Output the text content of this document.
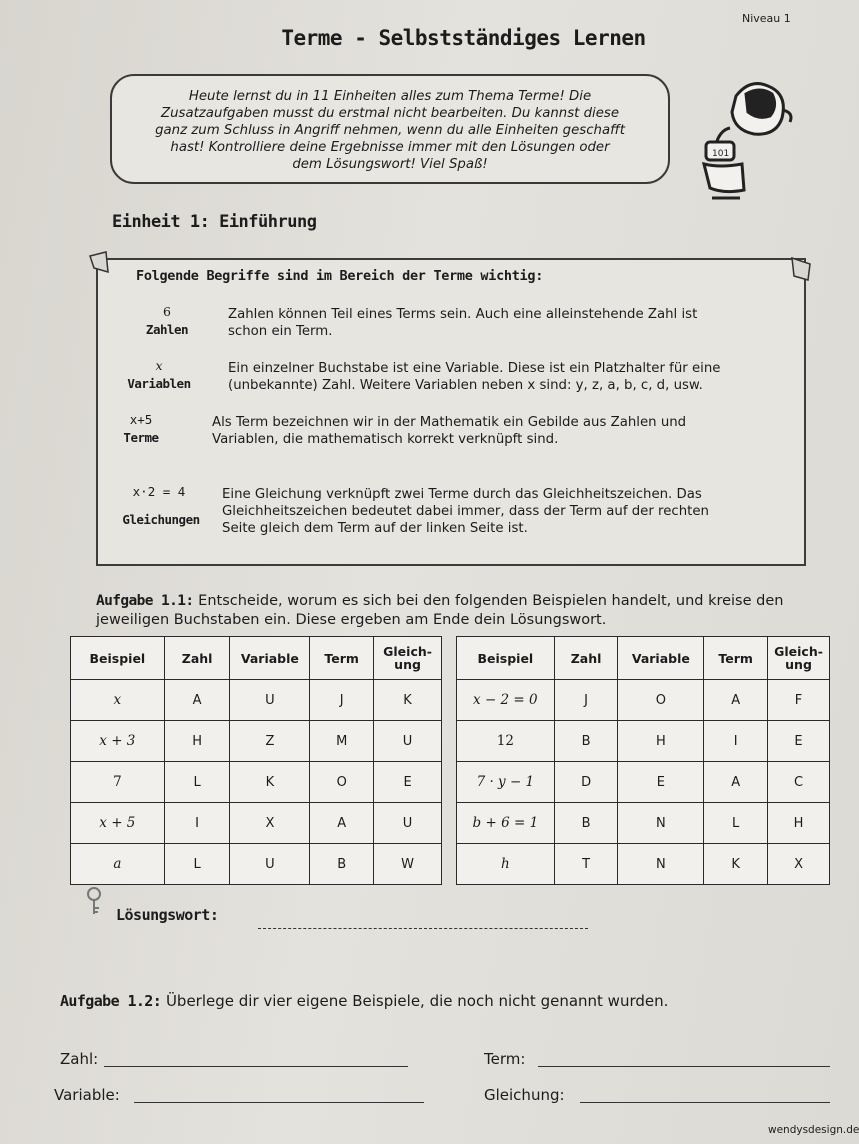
Niveau 1
Terme - Selbstständiges Lernen
Heute lernst du in 11 Einheiten alles zum Thema Terme! Die
Zusatzaufgaben musst du erstmal nicht bearbeiten. Du kannst diese
ganz zum Schluss in Angriff nehmen, wenn du alle Einheiten geschafft
hast! Kontrolliere deine Ergebnisse immer mit den Lösungen oder
dem Lösungswort! Viel Spaß!
101
Einheit 1: Einführung
Folgende Begriffe sind im Bereich der Terme wichtig:
6
Zahlen
Zahlen können Teil eines Terms sein. Auch eine alleinstehende Zahl ist
schon ein Term.
x
Variablen
Ein einzelner Buchstabe ist eine Variable. Diese ist ein Platzhalter für eine
(unbekannte) Zahl. Weitere Variablen neben x sind: y, z, a, b, c, d, usw.
x+5
Terme
Als Term bezeichnen wir in der Mathematik ein Gebilde aus Zahlen und
Variablen, die mathematisch korrekt verknüpft sind.
x·2 = 4
Gleichungen
Eine Gleichung verknüpft zwei Terme durch das Gleichheitszeichen. Das
Gleichheitszeichen bedeutet dabei immer, dass der Term auf der rechten
Seite gleich dem Term auf der linken Seite ist.
Aufgabe 1.1: Entscheide, worum es sich bei den folgenden Beispielen handelt, und kreise den
jeweiligen Buchstaben ein. Diese ergeben am Ende dein Lösungswort.
Beispiel	Zahl	Variable	Term	Gleich-
ung
x	A	U	J	K
x + 3	H	Z	M	U
7	L	K	O	E
x + 5	I	X	A	U
a	L	U	B	W
Beispiel	Zahl	Variable	Term	Gleich-
ung
x − 2 = 0	J	O	A	F
12	B	H	I	E
7 · y − 1	D	E	A	C
b + 6 = 1	B	N	L	H
h	T	N	K	X
Lösungswort:
Aufgabe 1.2: Überlege dir vier eigene Beispiele, die noch nicht genannt wurden.
Zahl:	Term:
Variable:	Gleichung:
wendysdesign.de
